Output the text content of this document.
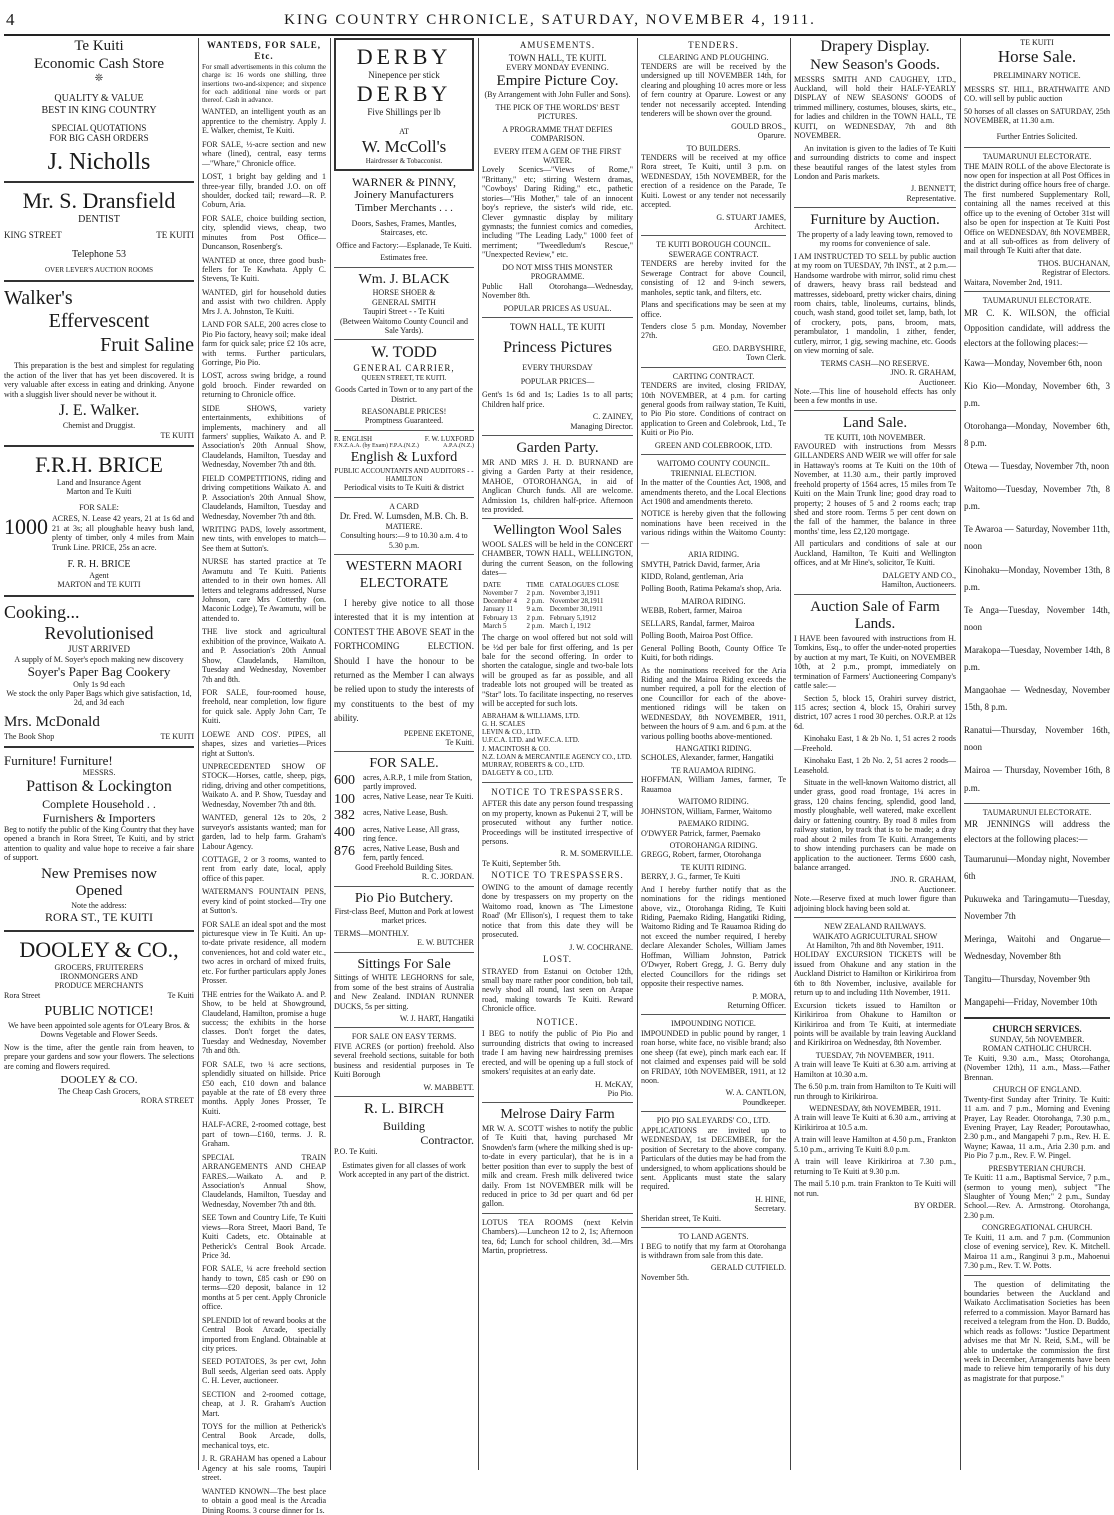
4	KING COUNTRY CHRONICLE, SATURDAY, NOVEMBER 4, 1911.
Te Kuiti
Economic Cash Store
❊
QUALITY & VALUE
BEST IN KING COUNTRY
SPECIAL QUOTATIONS
FOR BIG CASH ORDERS
J. Nicholls
Mr. S. Dransfield
DENTIST
KING STREET	TE KUITI
Telephone 53
OVER LEVER'S AUCTION ROOMS
Walker's
Effervescent
Fruit Saline

This preparation is the best and simplest for regulating the action of the liver that has yet been discovered. It is very valuable after excess in eating and drinking. Anyone with a sluggish liver should never be without it.

J. E. Walker.
Chemist and Druggist.
TE KUITI
F.R.H. BRICE
Land and Insurance Agent
Marton and Te Kuiti
FOR SALE:
1000 ACRES, N. Lease 42 years, 21 at 1s 6d and 21 at 3s; all ploughable heavy bush land, plenty of timber, only 4 miles from Main Trunk Line. PRICE, 25s an acre.

F. R. H. BRICE
Agent
MARTON and TE KUITI
Cooking...
Revolutionised
JUST ARRIVED
A supply of M. Soyer's epoch making new discovery
Soyer's Paper Bag Cookery
Only 1s 9d each

We stock the only Paper Bags which give satisfaction, 1d, 2d, and 3d each

Mrs. McDonald
The Book Shop	TE KUITI
Furniture! Furniture!
MESSRS.
Pattison & Lockington
Complete Household . .
Furnishers & Importers

Beg to notify the public of the King Country that they have opened a branch in Rora Street, Te Kuiti, and by strict attention to quality and value hope to receive a fair share of support.

New Premises now
Opened
Note the address:
RORA ST., TE KUITI
DOOLEY & CO.,
GROCERS, FRUITERERS
IRONMONGERS AND
PRODUCE MERCHANTS
Rora Street	Te Kuiti
PUBLIC NOTICE!

We have been appointed sole agents for O'Leary Bros. & Downs Vegetable and Flower Seeds.

Now is the time, after the gentle rain from heaven, to prepare your gardens and sow your flowers. The selections are coming and flowers required.

DOOLEY & CO.
The Cheap Cash Grocers,
RORA STREET
WANTEDS, FOR SALE, Etc.

For small advertisements in this column the charge is: 16 words one shilling, three insertions two-and-sixpence; and sixpence for each additional nine words or part thereof. Cash in advance.

WANTED, an intelligent youth as an apprentice to the chemistry. Apply J. E. Walker, chemist, Te Kuiti.

FOR SALE, ½-acre section and new whare (lined), central, easy terms—"Whare," Chronicle office.

LOST, 1 bright bay gelding and 1 three-year filly, branded J.O. on off shoulder, docked tail; reward—R. P. Coburn, Aria.

FOR SALE, choice building section, city, splendid views, cheap, two minutes from Post Office—Duncanson, Rosenberg's.

WANTED at once, three good bush-fellers for Te Kawhata. Apply C. Stevens, Te Kuiti.

WANTED, girl for household duties and assist with two children. Apply Mrs J. A. Johnston, Te Kuiti.

LAND FOR SALE, 200 acres close to Pio Pio factory, heavy soil; make ideal farm for quick sale; price £2 10s acre, with terms. Further particulars, Gorringe, Pio Pio.

LOST, across swing bridge, a round gold brooch. Finder rewarded on returning to Chronicle office.

SIDE SHOWS, variety entertainments, exhibitions of implements, machinery and all farmers' supplies, Waikato A. and P. Association's 20th Annual Show, Claudelands, Hamilton, Tuesday and Wednesday, November 7th and 8th.

FIELD COMPETITIONS, riding and driving competitions Waikato A. and P. Association's 20th Annual Show, Claudelands, Hamilton, Tuesday and Wednesday, November 7th and 8th.

WRITING PADS, lovely assortment, new tints, with envelopes to match—See them at Sutton's.

NURSE has started practice at Te Awamutu and Te Kuiti. Patients attended to in their own homes. All letters and telegrams addressed, Nurse Johnson, care Mrs Cotterthy (on. Maconic Lodge), Te Awamutu, will be attended to.

THE live stock and agricultural exhibition of the province, Waikato A. and P. Association's 20th Annual Show, Claudelands, Hamilton, Tuesday and Wednesday, November 7th and 8th.

FOR SALE, four-roomed house, freehold, near completion, low figure for quick sale. Apply John Carr, Te Kuiti.

LOEWE AND COS'. PIPES, all shapes, sizes and varieties—Prices right at Sutton's.

UNPRECEDENTED SHOW OF STOCK—Horses, cattle, sheep, pigs, riding, driving and other competitions, Waikato A. and P. Show, Tuesday and Wednesday, November 7th and 8th.

WANTED, general 12s to 20s, 2 surveyor's assistants wanted; man for garden, lad to help farm. Graham's Labour Agency.

COTTAGE, 2 or 3 rooms, wanted to rent from early date, local, apply office of this paper.

WATERMAN'S FOUNTAIN PENS, every kind of point stocked—Try one at Sutton's.

FOR SALE an ideal spot and the most picturesque view in Te Kuiti. An up-to-date private residence, all modern conveniences, hot and cold water etc., two acres in orchard of mixed fruits, etc. For further particulars apply Jones Prosser.

THE entries for the Waikato A. and P. Show, to be held at Showground, Claudeland, Hamilton, promise a huge success; the exhibits in the horse classes. Don't forget the dates, Tuesday and Wednesday, November 7th and 8th.

FOR SALE, two ¼ acre sections, splendidly situated on hillside. Price £50 each, £10 down and balance payable at the rate of £8 every three months. Apply Jones Prosser, Te Kuiti.

HALF-ACRE, 2-roomed cottage, best part of town—£160, terms. J. R. Graham.

SPECIAL TRAIN ARRANGEMENTS AND CHEAP FARES.—Waikato A. and P. Association's Annual Show, Claudelands, Hamilton, Tuesday and Wednesday, November 7th and 8th.

SEE Town and Country Life, Te Kuiti views—Rora Street, Maori Band, Te Kuiti Cadets, etc. Obtainable at Petherick's Central Book Arcade. Price 3d.

FOR SALE, ¼ acre freehold section handy to town, £85 cash or £90 on terms—£20 deposit, balance in 12 months at 5 per cent. Apply Chronicle office.

SPLENDID lot of reward books at the Central Book Arcade, specially imported from England. Obtainable at city prices.

SEED POTATOES, 3s per cwt, John Bull seeds, Algerian seed oats. Apply C. H. Lever, auctioneer.

SECTION and 2-roomed cottage, cheap, at J. R. Graham's Auction Mart.

TOYS for the million at Petherick's Central Book Arcade, dolls, mechanical toys, etc.

J. R. GRAHAM has opened a Labour Agency at his sale rooms, Taupiri street.

WANTED KNOWN—The best place to obtain a good meal is the Arcadia Dining Rooms. 3 course dinner for 1s.

DERBY
Ninepence per stick
DERBY
Five Shillings per lb
AT
W. McColl's
Hairdresser & Tobacconist.
WARNER & PINNY,
Joinery Manufacturers
Timber Merchants . . .

Doors, Sashes, Frames, Mantles, Staircases, etc.

Office and Factory:—Esplanade, Te Kuiti.

Estimates free.
Wm. J. BLACK
HORSE SHOER &
GENERAL SMITH
Taupiri Street - - Te Kuiti
(Between Waitomo County Council and Sale Yards).
W. TODD
GENERAL CARRIER,
QUEEN STREET, TE KUITI.

Goods Carted in Town or to any part of the District.

REASONABLE PRICES!
Promptness Guaranteed.
R. ENGLISH	F. W. LUXFORD
F.N.Z.A.A. (by Exam) F.P.A.(N.Z.)	A.P.A.(N.Z.)
English & Luxford
PUBLIC ACCOUNTANTS AND AUDITORS - - HAMILTON
Periodical visits to Te Kuiti & district
A CARD
Dr. Fred. W. Lumsden, M.B. Ch. B.
MATIERE.
Consulting hours:—9 to 10.30 a.m. 4 to 5.30 p.m.
WESTERN MAORI
ELECTORATE

I hereby give notice to all those interested that it is my intention at CONTEST THE ABOVE SEAT in the FORTHCOMING ELECTION. Should I have the honour to be returned as the Member I can always be relied upon to study the interests of my constituents to the best of my ability.

PEPENE EKETONE,
Te Kuiti.
FOR SALE.
600	acres, A.R.P., 1 mile from Station, partly improved.
100	acres, Native Lease, near Te Kuiti.
382	acres, Native Lease, Bush.
400	acres, Native Lease, All grass, ring fence.
876	acres, Native Lease, Bush and fern, partly fenced.
Good Freehold Building Sites.
R. C. JORDAN.
Pio Pio Butchery.

First-class Beef, Mutton and Pork at lowest market prices.

TERMS—MONTHLY.
E. W. BUTCHER
Sittings For Sale

Sittings of WHITE LEGHORNS for sale, from some of the best strains of Australia and New Zealand. INDIAN RUNNER DUCKS, 5s per sitting.

W. J. HART, Hangatiki
FOR SALE ON EASY TERMS.

FIVE ACRES (or portion) freehold. Also several freehold sections, suitable for both business and residential purposes in Te Kuiti Borough

W. MABBETT.
R. L. BIRCH
Building
Contractor.
P.O. Te Kuiti.
Estimates given for all classes of work

Work accepted in any part of the district.

AMUSEMENTS.
TOWN HALL, TE KUITI.
EVERY MONDAY EVENING.
Empire Picture Coy.
(By Arrangement with John Fuller and Sons).
THE PICK OF THE WORLDS' BEST PICTURES.
A PROGRAMME THAT DEFIES COMPARISON.
EVERY ITEM A GEM OF THE FIRST WATER.

Lovely Scenics—"Views of Rome," "Brittany," etc; stirring Western dramas, "Cowboys' Daring Riding," etc., pathetic stories—"His Mother," tale of an innocent boy's reprieve, the sister's wild ride, etc. Clever gymnastic display by military gymnasts; the funniest comics and comedies, including "The Leading Lady," 1000 feet of merriment; "Tweedledum's Rescue," "Unexpected Review," etc.

DO NOT MISS THIS MONSTER PROGRAMME.

Public Hall Otorohanga—Wednesday, November 8th.

POPULAR PRICES AS USUAL.
TOWN HALL, TE KUITI
Princess Pictures
EVERY THURSDAY
POPULAR PRICES—

Gent's 1s 6d and 1s; Ladies 1s to all parts; Children half price.

C. ZAINEY,
Managing Director.
Garden Party.

MR AND MRS J. H. D. BURNAND are giving a Garden Party at their residence, MAHOE, OTOROHANGA, in aid of Anglican Church funds. All are welcome. Admission 1s, children half-price. Afternoon tea provided.

Wellington Wool Sales

WOOL SALES will be held in the CONCERT CHAMBER, TOWN HALL, WELLINGTON, during the current Season, on the following dates—

DATE	TIME	CATALOGUES CLOSE
November 7	2 p.m.	November 3,1911
December 4	2 p.m.	November 28,1911
January 11	9 a.m.	December 30,1911
February 13	2 p.m.	February 5,1912
March 5	2 p.m.	March 1, 1912

The charge on wool offered but not sold will be ½d per bale for first offering, and 1s per bale for the second offering. In order to shorten the catalogue, single and two-bale lots will be grouped as far as possible, and all tradeable lots not grouped will be treated as "Star" lots. To facilitate inspecting, no reserves will be accepted for such lots.

ABRAHAM & WILLIAMS, LTD.
G. H. SCALES
LEVIN & CO., LTD.
U.F.C.A. LTD. and W.F.C.A. LTD.
J. MACINTOSH & CO.
N.Z. LOAN & MERCANTILE AGENCY CO., LTD.
MURRAY, ROBERTS & CO., LTD.
DALGETY & CO., LTD.
NOTICE TO TRESPASSERS.

AFTER this date any person found trespassing on my property, known as Pukenui 2 T, will be prosecuted without any further notice. Proceedings will be instituted irrespective of persons.

R. M. SOMERVILLE.
Te Kuiti, September 5th.
NOTICE TO TRESPASSERS.

OWING to the amount of damage recently done by trespassers on my property on the Waitomo road, known as 'The Limestone Road' (Mr Ellison's), I request them to take notice that from this date they will be prosecuted.

J. W. COCHRANE.
LOST.

STRAYED from Estanui on October 12th, small bay mare rather poor condition, bob tail, newly shod all round, last seen on Arapae road, making towards Te Kuiti. Reward Chronicle office.

NOTICE.

I BEG to notify the public of Pio Pio and surrounding districts that owing to increased trade I am having new hairdressing premises erected, and will be opening up a full stock of smokers' requisites at an early date.

H. McKAY,
Pio Pio.
Melrose Dairy Farm

MR W. A. SCOTT wishes to notify the public of Te Kuiti that, having purchased Mr Snowden's farm (where the milking shed is up-to-date in every particular), that he is in a better position than ever to supply the best of milk and cream. Fresh milk delivered twice daily. From 1st NOVEMBER milk will be reduced in price to 3d per quart and 6d per gallon.

LOTUS TEA ROOMS (next Kelvin Chambers).—Luncheon 12 to 2, 1s; Afternoon tea, 6d; Lunch for school children, 3d.—Mrs Martin, proprietress.

TENDERS.
CLEARING AND PLOUGHING.

TENDERS are will be received by the undersigned up till NOVEMBER 14th, for clearing and ploughing 10 acres more or less of fern country at Oparure. Lowest or any tender not necessarily accepted. Intending tenderers will be shown over the ground.

GOULD BROS.,
Oparure.
TO BUILDERS.

TENDERS will be received at my office Rora street, Te Kuiti, until 3 p.m. on WEDNESDAY, 15th NOVEMBER, for the erection of a residence on the Parade, Te Kuiti. Lowest or any tender not necessarily accepted.

G. STUART JAMES,
Architect.
TE KUITI BOROUGH COUNCIL.
SEWERAGE CONTRACT.

TENDERS are hereby invited for the Sewerage Contract for above Council, consisting of 12 and 9-inch sewers, manholes, septic tank, and filters, etc.

Plans and specifications may be seen at my office.

Tenders close 5 p.m. Monday, November 27th.

GEO. DARBYSHIRE,
Town Clerk.
CARTING CONTRACT.

TENDERS are invited, closing FRIDAY, 10th NOVEMBER, at 4 p.m. for carting general goods from railway station, Te Kuiti, to Pio Pio store. Conditions of contract on application to Green and Colebrook, Ltd., Te Kuiti or Pio Pio.

GREEN AND COLEBROOK, LTD.
WAITOMO COUNTY COUNCIL.
TRIENNIAL ELECTION.

In the matter of the Counties Act, 1908, and amendments thereto, and the Local Elections Act 1908 and amendments thereto.

NOTICE is hereby given that the following nominations have been received in the various ridings within the Waitomo County:—

ARIA RIDING.

SMYTH, Patrick David, farmer, Aria

KIDD, Roland, gentleman, Aria

Polling Booth, Ratima Pekama's shop, Aria.

MAIROA RIDING.

WEBB, Robert, farmer, Mairoa

SELLARS, Randal, farmer, Mairoa

Polling Booth, Mairoa Post Office.

General Polling Booth, County Office Te Kuiti, for both ridings.

As the nominations received for the Aria Riding and the Mairoa Riding exceeds the number required, a poll for the election of one Councillor for each of the above-mentioned ridings will be taken on WEDNESDAY, 8th NOVEMBER, 1911, between the hours of 9 a.m. and 6 p.m. at the various polling booths above-mentioned.

HANGATIKI RIDING.

SCHOLES, Alexander, farmer, Hangatiki

TE RAUAMOA RIDING.

HOFFMAN, William James, farmer, Te Rauamoa

WAITOMO RIDING.

JOHNSTON, William, Farmer, Waitomo

PAEMAKO RIDING.

O'DWYER Patrick, farmer, Paemako

OTOROHANGA RIDING.

GREGG, Robert, farmer, Otorohanga

TE KUITI RIDING.

BERRY, J. G., farmer, Te Kuiti

And I hereby further notify that as the nominations for the ridings mentioned above, viz., Otorohanga Riding, Te Kuiti Riding, Paemako Riding, Hangatiki Riding, Waitomo Riding and Te Rauamoa Riding do not exceed the number required, I hereby declare Alexander Scholes, William James Hoffman, William Johnston, Patrick O'Dwyer, Robert Gregg, J. G. Berry duly elected Councillors for the ridings set opposite their respective names.

P. MORA,
Returning Officer.
IMPOUNDING NOTICE.

IMPOUNDED in public pound by ranger, 1 roan horse, white face, no visible brand; also one sheep (fat ewe), pinch mark each ear. If not claimed and expenses paid will be sold on FRIDAY, 10th NOVEMBER, 1911, at 12 noon.

W. A. CANTLON,
Poundkeeper.
PIO PIO SALEYARDS' CO., LTD.

APPLICATIONS are invited up to WEDNESDAY, 1st DECEMBER, for the position of Secretary to the above company. Particulars of the duties may be had from the undersigned, to whom applications should be sent. Applicants must state the salary required.

H. HINE,
Secretary.
Sheridan street, Te Kuiti.
TO LAND AGENTS.

I BEG to notify that my farm at Otorohanga is withdrawn from sale from this date.

GERALD CUTFIELD.
November 5th.
Drapery Display.
New Season's Goods.

MESSRS SMITH AND CAUGHEY, LTD., Auckland, will hold their HALF-YEARLY DISPLAY of NEW SEASONS' GOODS of trimmed millinery, costumes, blouses, skirts, etc., for ladies and children in the TOWN HALL, TE KUITI, on WEDNESDAY, 7th and 8th NOVEMBER.

An invitation is given to the ladies of Te Kuiti and surrounding districts to come and inspect these beautiful ranges of the latest styles from London and Paris markets.

J. BENNETT,
Representative.
Furniture by Auction.

The property of a lady leaving town, removed to my rooms for convenience of sale.

I AM INSTRUCTED TO SELL by public auction at my room on TUESDAY, 7th INST., at 2 p.m.—Handsome wardrobe with mirror, solid rimu chest of drawers, heavy brass rail bedstead and mattresses, sideboard, pretty wicker chairs, dining room chairs, table, linoleums, curtains, blinds, couch, wash stand, good toilet set, lamp, bath, lot of crockery, pots, pans, broom, mats, perambulator, 1 mandolin, 1 zither, fender, cutlery, mirror, 1 gig, sewing machine, etc. Goods on view morning of sale.

TERMS CASH—NO RESERVE.
JNO. R. GRAHAM,
Auctioneer.

Note.—This line of household effects has only been a few months in use.

Land Sale.
TE KUITI, 10th NOVEMBER.

FAVOURED with instructions from Messrs GILLANDERS AND WEIR we will offer for sale in Hattaway's rooms at Te Kuiti on the 10th of November, at 11.30 a.m., their partly improved freehold property of 1564 acres, 15 miles from Te Kuiti on the Main Trunk line; good dray road to property; 2 houses of 5 and 2 rooms each; trap shed and store room. Terms 5 per cent down on the fall of the hammer, the balance in three months' time, less £2,120 mortgage.

All particulars and conditions of sale at our Auckland, Hamilton, Te Kuiti and Wellington offices, and at Mr Hine's, solicitor, Te Kuiti.

DALGETY AND CO.,
Hamilton, Auctioneers.
Auction Sale of Farm
Lands.

I HAVE been favoured with instructions from H. Tomkins, Esq., to offer the under-noted properties by auction at my mart, Te Kuiti, on NOVEMBER 10th, at 2 p.m., prompt, immediately on termination of Farmers' Auctioneering Company's cattle sale:—

Section 5, block 15, Orahiri survey district, 115 acres; section 4, block 15, Orahiri survey district, 107 acres 1 rood 30 perches. O.R.P. at 12s 6d.

Kinohaku East, 1 & 2b No. 1, 51 acres 2 roods—Freehold.

Kinohaku East, 1 2b No. 2, 51 acres 2 roods—Leasehold.

Situate in the well-known Waitomo district, all under grass, good road frontage, 1¼ acres in grass, 120 chains fencing, splendid, good land, mostly ploughable, well watered, make excellent dairy or fattening country. By road 8 miles from railway station, by track that is to be made; a dray road about 2 miles from Te Kuiti. Arrangements to show intending purchasers can be made on application to the auctioneer. Terms £600 cash, balance arranged.

JNO. R. GRAHAM,
Auctioneer.

Note.—Reserve fixed at much lower figure than adjoining block having been sold at.

NEW ZEALAND RAILWAYS.
WAIKATO AGRICULTURAL SHOW
At Hamilton, 7th and 8th November, 1911.

HOLIDAY EXCURSION TICKETS will be issued from Ohakune and any station in the Auckland District to Hamilton or Kirikiriroa from 6th to 8th November, inclusive, available for return up to and including 11th November, 1911.

Excursion tickets issued to Hamilton or Kirikiriroa from Ohakune to Hamilton or Kirikiriroa and from Te Kuiti, at intermediate points will be available by train leaving Auckland and Kirikiriroa on Wednesday, 8th November.

TUESDAY, 7th NOVEMBER, 1911.

A train will leave Te Kuiti at 6.30 a.m. arriving at Hamilton at 10.30 a.m.

The 6.50 p.m. train from Hamilton to Te Kuiti will run through to Kirikiriroa.

WEDNESDAY, 8th NOVEMBER, 1911.

A train will leave Te Kuiti at 6.30 a.m., arriving at Kirikiriroa at 10.5 a.m.

A train will leave Hamilton at 4.50 p.m., Frankton 5.10 p.m., arriving Te Kuiti 8.0 p.m.

A train will leave Kirikiriroa at 7.30 p.m., returning to Te Kuiti at 9.30 p.m.

The mail 5.10 p.m. train Frankton to Te Kuiti will not run.

BY ORDER.
TE KUITI
Horse Sale.
PRELIMINARY NOTICE.

MESSRS ST. HILL, BRATHWAITE AND CO. will sell by public auction

50 horses of all classes on SATURDAY, 25th NOVEMBER, at 11.30 a.m.

Further Entries Solicited.
TAUMARUNUI ELECTORATE.

THE MAIN ROLL of the above Electorate is now open for inspection at all Post Offices in the district during office hours free of charge. The first numbered Supplementary Roll, containing all the names received at this office up to the evening of October 31st will also be open for inspection at Te Kuiti Post Office on WEDNESDAY, 8th NOVEMBER, and at all sub-offices as from delivery of mail through Te Kuiti after that date.

THOS. BUCHANAN,
Registrar of Electors.
Waitara, November 2nd, 1911.
TAUMARUNUI ELECTORATE.

MR C. K. WILSON, the official Opposition candidate, will address the electors at the following places:—

Kawa—Monday, November 6th, noon

Kio Kio—Monday, November 6th, 3 p.m.

Otorohanga—Monday, November 6th, 8 p.m.

Otewa — Tuesday, November 7th, noon

Waitomo—Tuesday, November 7th, 8 p.m.

Te Awaroa — Saturday, November 11th, noon

Kinohaku—Monday, November 13th, 8 p.m.

Te Anga—Tuesday, November 14th, noon

Marakopa—Tuesday, November 14th, 8 p.m.

Mangaohae — Wednesday, November 15th, 8 p.m.

Ranatui—Thursday, November 16th, noon

Mairoa — Thursday, November 16th, 8 p.m.

TAUMARUNUI ELECTORATE.

MR JENNINGS will address the electors at the following places:—

Taumarunui—Monday night, November 6th

Pukuweka and Taringamutu—Tuesday, November 7th

Meringa, Waitohi and Ongarue—Wednesday, November 8th

Tangitu—Thursday, November 9th

Mangapehi—Friday, November 10th

CHURCH SERVICES.
SUNDAY, 5th NOVEMBER.
ROMAN CATHOLIC CHURCH.

Te Kuiti, 9.30 a.m., Mass; Otorohanga, (November 12th), 11 a.m., Mass.—Father Brennan.

CHURCH OF ENGLAND.

Twenty-first Sunday after Trinity. Te Kuiti: 11 a.m. and 7 p.m., Morning and Evening Prayer, Lay Reader. Otorohanga, 7.30 p.m., Evening Prayer, Lay Reader; Poroutawhao, 2.30 p.m., and Mangapehi 7 p.m., Rev. H. E. Wayne; Kawaa, 11 a.m., Aria 2.30 p.m. and Pio Pio 7 p.m., Rev. F. W. Pingel.

PRESBYTERIAN CHURCH.

Te Kuiti: 11 a.m., Baptismal Service, 7 p.m., (sermon to young men), subject "The Slaughter of Young Men;" 2 p.m., Sunday School.—Rev. A. Armstrong. Otorohanga, 2.30 p.m.

CONGREGATIONAL CHURCH.

Te Kuiti, 11 a.m. and 7 p.m. (Communion close of evening service), Rev. K. Mitchell. Mairoa 11 a.m., Ranginui 3 p.m., Mahoenui 7.30 p.m., Rev. T. W. Potts.

The question of delimitating the boundaries between the Auckland and Waikato Acclimatisation Societies has been referred to a commission. Mayor Barnard has received a telegram from the Hon. D. Buddo, which reads as follows: "Justice Department advises me that Mr N. Reid, S.M., will be able to undertake the commission the first week in December, Arrangements have been made to relieve him temporarily of his duty as magistrate for that purpose."
